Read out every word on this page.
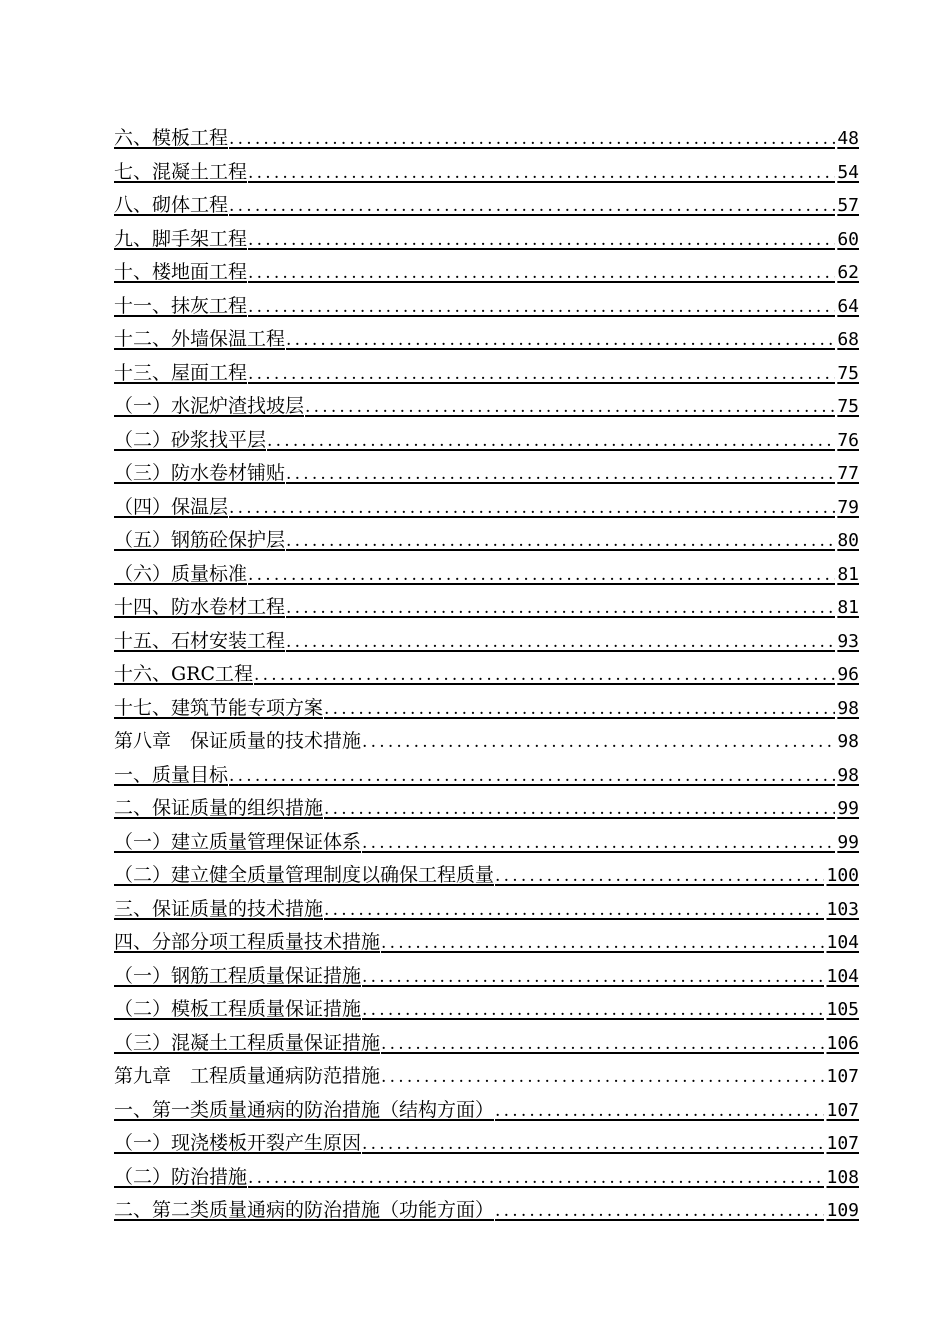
六、模板工程 .....	48
七、混凝土工程 .....	54
八、砌体工程 .....	57
九、脚手架工程 .....	60
十、楼地面工程 .....	62
十一、抹灰工程 .....	64
十二、外墙保温工程 .....	68
十三、屋面工程 .....	75
（一）水泥炉渣找坡层 .....	75
（二）砂浆找平层 .....	76
（三）防水卷材铺贴 .....	77
（四）保温层 .....	79
（五）钢筋砼保护层 .....	80
（六）质量标准 .....	81
十四、防水卷材工程 .....	81
十五、石材安装工程 .....	93
十六、GRC工程 .....	96
十七、建筑节能专项方案 .....	98
第八章　保证质量的技术措施 .....	98
一、质量目标 .....	98
二、保证质量的组织措施 .....	99
（一）建立质量管理保证体系 .....	99
（二）建立健全质量管理制度以确保工程质量 .....	100
三、保证质量的技术措施 .....	103
四、分部分项工程质量技术措施 .....	104
（一）钢筋工程质量保证措施 .....	104
（二）模板工程质量保证措施 .....	105
（三）混凝土工程质量保证措施 .....	106
第九章　工程质量通病防范措施 .....	107
一、第一类质量通病的防治措施（结构方面） .....	107
（一）现浇楼板开裂产生原因 .....	107
（二）防治措施 .....	108
二、第二类质量通病的防治措施（功能方面） .....	109
